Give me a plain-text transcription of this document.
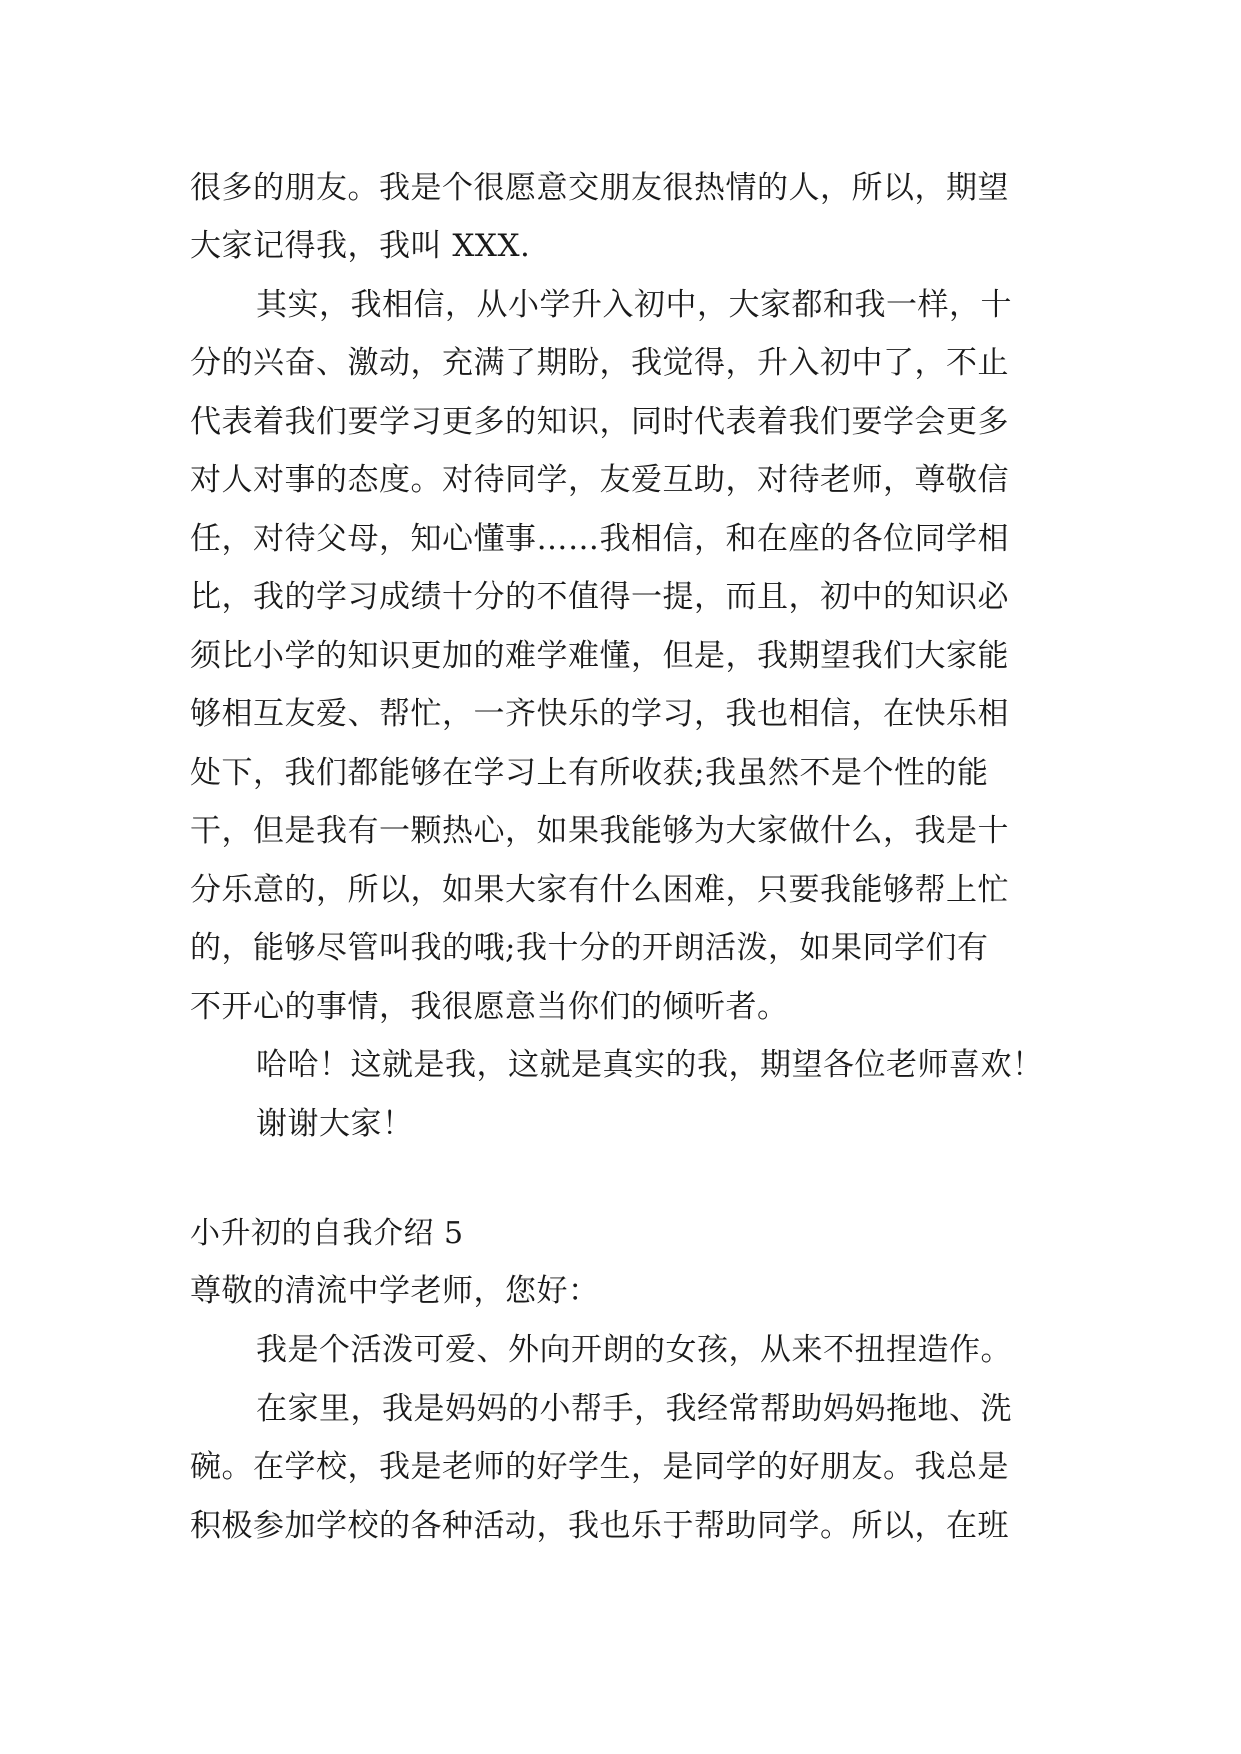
很多的朋友。我是个很愿意交朋友很热情的人，所以，期望
大家记得我，我叫 XXX.
其实，我相信，从小学升入初中，大家都和我一样，十
分的兴奋、激动，充满了期盼，我觉得，升入初中了，不止
代表着我们要学习更多的知识，同时代表着我们要学会更多
对人对事的态度。对待同学，友爱互助，对待老师，尊敬信
任，对待父母，知心懂事……我相信，和在座的各位同学相
比，我的学习成绩十分的不值得一提，而且，初中的知识必
须比小学的知识更加的难学难懂，但是，我期望我们大家能
够相互友爱、帮忙，一齐快乐的学习，我也相信，在快乐相
处下，我们都能够在学习上有所收获;我虽然不是个性的能
干，但是我有一颗热心，如果我能够为大家做什么，我是十
分乐意的，所以，如果大家有什么困难，只要我能够帮上忙
的，能够尽管叫我的哦;我十分的开朗活泼，如果同学们有
不开心的事情，我很愿意当你们的倾听者。
哈哈！这就是我，这就是真实的我，期望各位老师喜欢！
谢谢大家！
小升初的自我介绍 5
尊敬的清流中学老师，您好：
我是个活泼可爱、外向开朗的女孩，从来不扭捏造作。
在家里，我是妈妈的小帮手，我经常帮助妈妈拖地、洗
碗。在学校，我是老师的好学生，是同学的好朋友。我总是
积极参加学校的各种活动，我也乐于帮助同学。所以，在班
